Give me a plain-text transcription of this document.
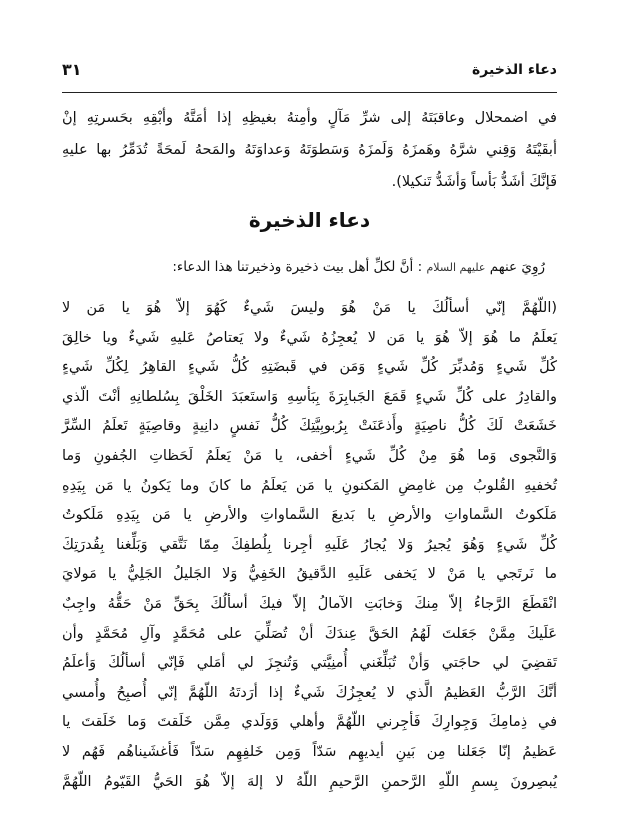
دعاء الذخيرة
٣١
في اضمحلال وعاقبَتَهُ إلى شرِّ مَآلٍ وأمِتهُ بغيظِهِ إذا أمَتَّهُ وأبْقِهِ بحَسرتِهِ إنْ
أبقَيْتَهُ وَقِني شرَّهُ وهَمزَهُ وَلَمزَهُ وَسَطوَتَهُ وَعداوَتَهُ والمَحهُ لَمحَةً تُدَمِّرُ بها عليهِ
فَإنَّكَ أشَدُّ بَأساً وَأشَدُّ تَنكيلا).
دعاء الذخيرة
رُوِيَ عنهم عليهم السلام : أنَّ لكلِّ أهل بيت ذخيرة وذخيرتنا هذا الدعاء:
(اللّهُمَّ إنّي أسألُكَ يا مَنْ هُوَ وليسَ شَيءٌ كَهُوَ إلاّ هُوَ يا مَن لا
يَعلَمُ ما هُوَ إلاّ هُوَ يا مَن لا يُعجِزُهُ شَيءٌ ولا يَعتاصُ عَليهِ شَيءٌ ويا خالِقَ
كُلِّ شَيءٍ وَمُدبِّرَ كُلِّ شَيءٍ وَمَن في قَبضَتِهِ كُلُّ شَيءٍ القاهِرُ لِكُلِّ شَيءٍ
والقادِرُ على كُلِّ شَيءٍ قَمَعَ الجَبابِرَةَ بِبَأسِهِ وَاستَعبَدَ الخَلْقَ بِسُلطانِهِ أنْتَ الّذي
خَشَعَتْ لَكَ كُلُّ ناصِيَةٍ وأَذعَنَتْ بِرُبوبِيَّتِكَ كُلُّ نَفسٍ دانِيةٍ وقاصِيَةٍ تَعلَمُ السِّرَّ
وَالنَّجوى وَما هُوَ مِنْ كُلِّ شَيءٍ أخفى، يا مَنْ يَعلَمُ لَحَظاتِ الجُفونِ وَما
تُخفيهِ القُلوبُ مِن غامِضِ المَكنونِ يا مَن يَعلَمُ ما كانَ وما يَكونُ يا مَن بِيَدِهِ
مَلَكوتُ السَّماواتِ والأرضِ يا بَديعَ السَّماواتِ والأرضِ يا مَن بِيَدِهِ مَلَكوتُ
كُلِّ شَيءٍ وَهُوَ يُجيرُ وَلا يُجارُ عَلَيهِ أجِرنا بِلُطفِكَ مِمّا نَتَّقي وَبَلِّغنا بِقُدرَتِكَ
ما نَرتَجي يا مَنْ لا يَخفى عَلَيهِ الدَّقيقُ الخَفِيُّ وَلا الجَليلُ الجَلِيُّ يا مَولايَ
انْقَطَعَ الرَّجاءُ إلاّ مِنكَ وَخابَتِ الآمالُ إلاّ فيكَ أسألُكَ بِحَقِّ مَنْ حَقُّهُ واجِبٌ
عَلَيكَ مِمَّنْ جَعَلتَ لَهُمُ الحَقَّ عِندَكَ أنْ تُصَلِّيَ على مُحَمَّدٍ وآلِ مُحَمَّدٍ وأن
تَقضِيَ لي حاجَتي وَأنْ تُبَلِّغَني أُمنِيَّتي وَتُنجِزَ لي أمَلي فَإنّي أسألُكَ وَأعلَمُ
أنَّكَ الرَّبُّ العَظيمُ الَّذي لا يُعجِزُكَ شَيءٌ إذا أرَدتَهُ اللّهُمَّ إنّي أُصبِحُ وأُمسي
في ذِمامِكَ وَجِوارِكَ فَأجِرني اللّهُمَّ وأهلي وَوَلَدي مِمَّن خَلَقتَ وَما خَلَقتَ يا
عَظيمُ إنّا جَعَلنا مِن بَينِ أيديهِم سَدّاً وَمِن خَلفِهِم سَدّاً فَأغشَيناهُم فَهُم لا
يُبصِرونَ بِسمِ اللّهِ الرَّحمنِ الرَّحيمِ اللّهُ لا إلهَ إلاّ هُوَ الحَيُّ القَيّومُ اللّهُمَّ
